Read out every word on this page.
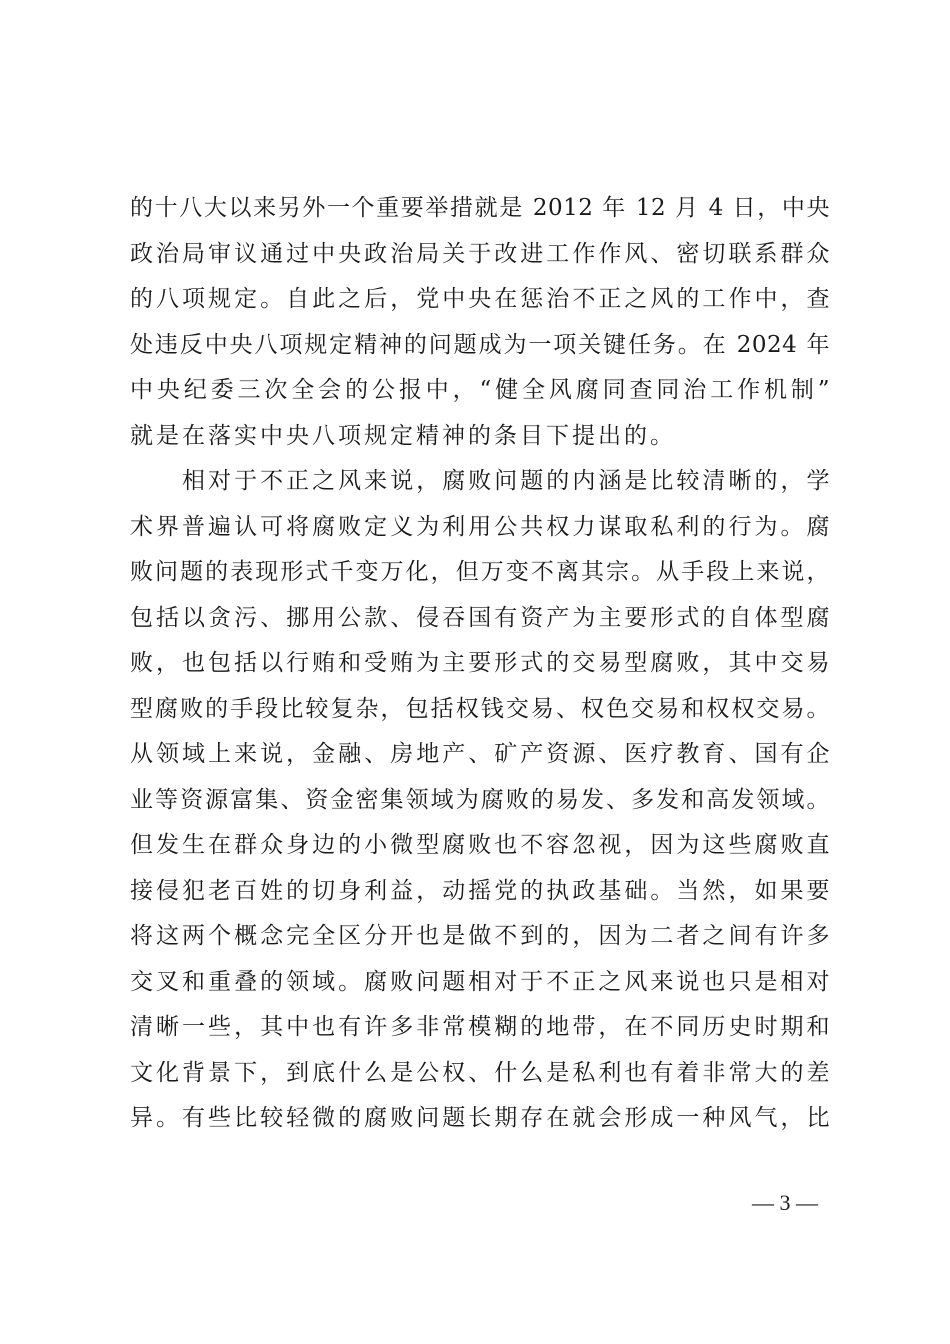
的十八大以来另外一个重要举措就是 2012 年 12 月 4 日，中央
政治局审议通过中央政治局关于改进工作作风、密切联系群众
的八项规定。自此之后，党中央在惩治不正之风的工作中，查
处违反中央八项规定精神的问题成为一项关键任务。在 2024 年
中央纪委三次全会的公报中，“健全风腐同查同治工作机制”
就是在落实中央八项规定精神的条目下提出的。
　　相对于不正之风来说，腐败问题的内涵是比较清晰的，学
术界普遍认可将腐败定义为利用公共权力谋取私利的行为。腐
败问题的表现形式千变万化，但万变不离其宗。从手段上来说，
包括以贪污、挪用公款、侵吞国有资产为主要形式的自体型腐
败，也包括以行贿和受贿为主要形式的交易型腐败，其中交易
型腐败的手段比较复杂，包括权钱交易、权色交易和权权交易。
从领域上来说，金融、房地产、矿产资源、医疗教育、国有企
业等资源富集、资金密集领域为腐败的易发、多发和高发领域。
但发生在群众身边的小微型腐败也不容忽视，因为这些腐败直
接侵犯老百姓的切身利益，动摇党的执政基础。当然，如果要
将这两个概念完全区分开也是做不到的，因为二者之间有许多
交叉和重叠的领域。腐败问题相对于不正之风来说也只是相对
清晰一些，其中也有许多非常模糊的地带，在不同历史时期和
文化背景下，到底什么是公权、什么是私利也有着非常大的差
异。有些比较轻微的腐败问题长期存在就会形成一种风气，比
— 3 —
